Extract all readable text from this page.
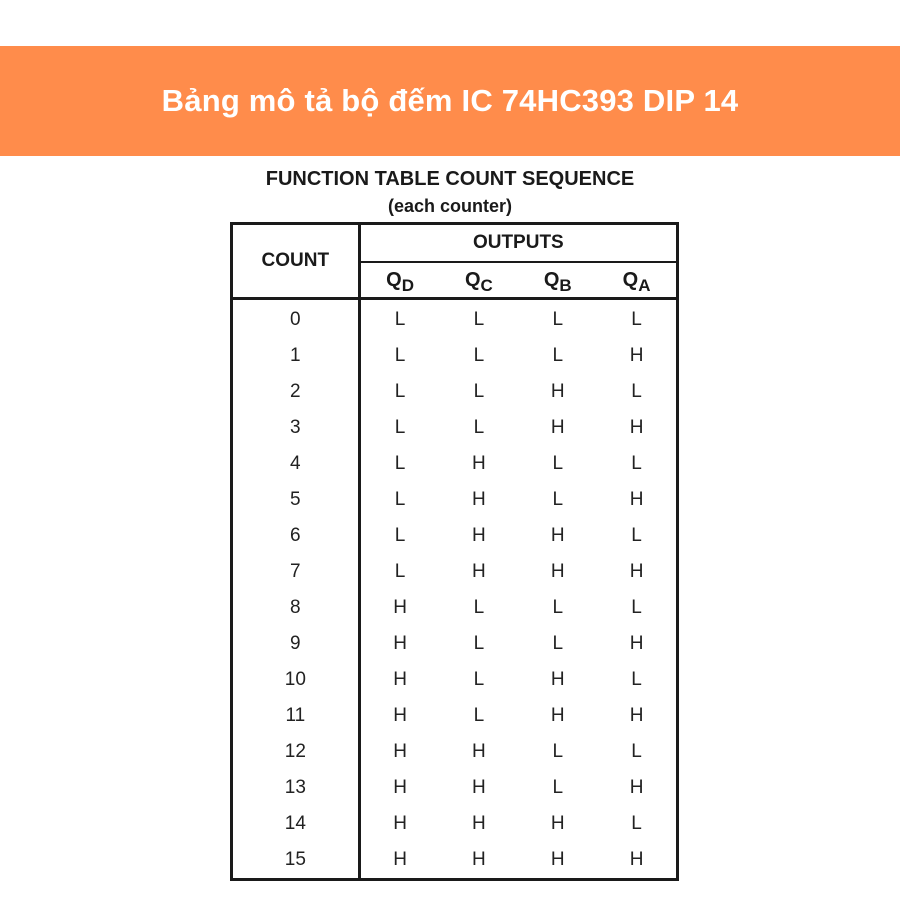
Bảng mô tả bộ đếm IC 74HC393 DIP 14
FUNCTION TABLE COUNT SEQUENCE
(each counter)
COUNT	OUTPUTS			
	$Q_D$	$Q_C$	$Q_B$	$Q_A$
0	L	L	L	L
1	L	L	L	H
2	L	L	H	L
3	L	L	H	H
4	L	H	L	L
5	L	H	L	H
6	L	H	H	L
7	L	H	H	H
8	H	L	L	L
9	H	L	L	H
10	H	L	H	L
11	H	L	H	H
12	H	H	L	L
13	H	H	L	H
14	H	H	H	L
15	H	H	H	H
